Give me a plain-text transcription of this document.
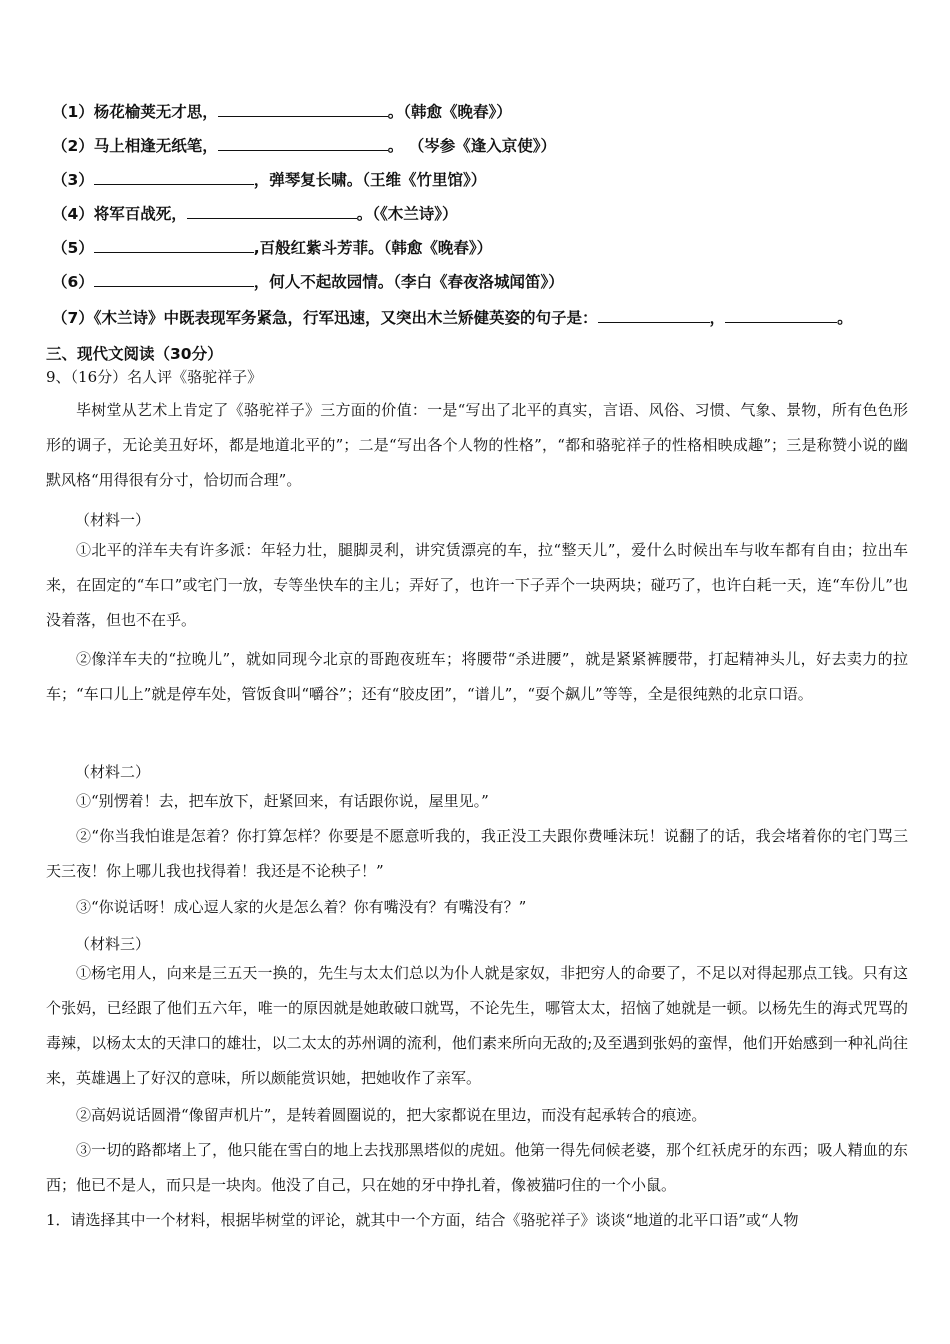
（1）杨花榆荚无才思，	。（韩愈《晚春》）
（2）马上相逢无纸笔，	。 （岑参《逢入京使》）
（3）	，弹琴复长啸。（王维《竹里馆》）
（4）将军百战死，	。（《木兰诗》）
（5）	,百般红紫斗芳菲。（韩愈《晚春》）
（6）	，何人不起故园情。（李白《春夜洛城闻笛》）
（7）《木兰诗》中既表现军务紧急，行军迅速，又突出木兰矫健英姿的句子是：	，	。
三、现代文阅读（30分）
9、（16分）名人评《骆驼祥子》

毕树堂从艺术上肯定了《骆驼祥子》三方面的价值：一是“写出了北平的真实，言语、风俗、习惯、气象、景物，所有色色形形的调子，无论美丑好坏，都是地道北平的”；二是“写出各个人物的性格”，“都和骆驼祥子的性格相映成趣”；三是称赞小说的幽默风格“用得很有分寸，恰切而合理”。

（材料一）

①北平的洋车夫有许多派：年轻力壮，腿脚灵利，讲究赁漂亮的车，拉“整天儿”，爱什么时候出车与收车都有自由；拉出车来，在固定的“车口”或宅门一放，专等坐快车的主儿；弄好了，也许一下子弄个一块两块；碰巧了，也许白耗一天，连“车份儿”也没着落，但也不在乎。

②像洋车夫的“拉晚儿”，就如同现今北京的哥跑夜班车；将腰带“杀进腰”，就是紧紧裤腰带，打起精神头儿，好去卖力的拉车；“车口儿上”就是停车处，管饭食叫“嚼谷”；还有“胶皮团”，“谱儿”，“耍个飙儿”等等，全是很纯熟的北京口语。

（材料二）

①“别愣着！去，把车放下，赶紧回来，有话跟你说，屋里见。”

②“你当我怕谁是怎着？你打算怎样？你要是不愿意听我的，我正没工夫跟你费唾沫玩！说翻了的话，我会堵着你的宅门骂三天三夜！你上哪儿我也找得着！我还是不论秧子！”

③“你说话呀！成心逗人家的火是怎么着？你有嘴没有？有嘴没有？”

（材料三）

①杨宅用人，向来是三五天一换的，先生与太太们总以为仆人就是家奴，非把穷人的命要了，不足以对得起那点工钱。只有这个张妈，已经跟了他们五六年，唯一的原因就是她敢破口就骂，不论先生，哪管太太，招恼了她就是一顿。以杨先生的海式咒骂的毒辣，以杨太太的天津口的雄壮，以二太太的苏州调的流利，他们素来所向无敌的;及至遇到张妈的蛮悍，他们开始感到一种礼尚往来，英雄遇上了好汉的意味，所以颇能赏识她，把她收作了亲军。

②高妈说话圆滑“像留声机片”，是转着圆圈说的，把大家都说在里边，而没有起承转合的痕迹。

③一切的路都堵上了，他只能在雪白的地上去找那黑塔似的虎妞。他第一得先伺候老婆，那个红袄虎牙的东西；吸人精血的东西；他已不是人，而只是一块肉。他没了自己，只在她的牙中挣扎着，像被猫叼住的一个小鼠。

1．请选择其中一个材料，根据毕树堂的评论，就其中一个方面，结合《骆驼祥子》谈谈“地道的北平口语”或“人物
